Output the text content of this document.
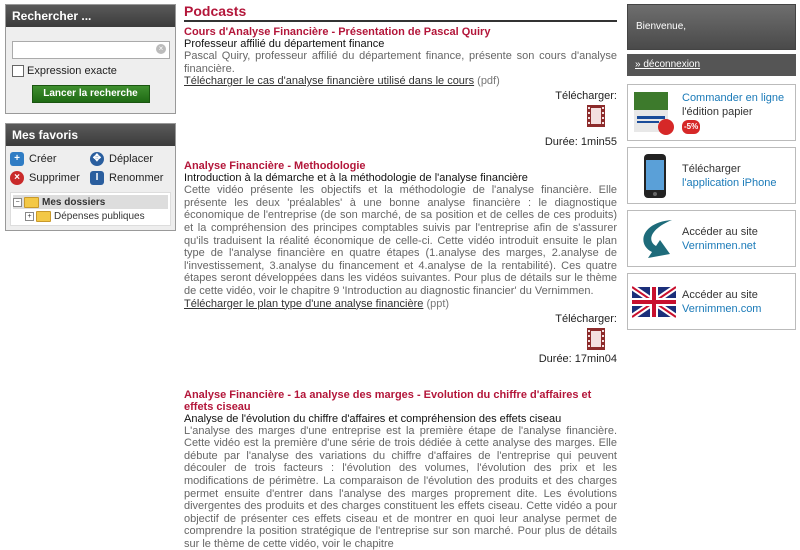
Rechercher ...
×
Expression exacte
Lancer la recherche
Mes favoris
+ Créer	✥ Déplacer
× Supprimer	I Renommer
− Mes dossiers
+ Dépenses publiques
Podcasts
Cours d'Analyse Financière - Présentation de Pascal Quiry
Professeur affilié du département finance
Pascal Quiry, professeur affilié du département finance, présente son cours d'analyse financière.
Télécharger le cas d'analyse financière utilisé dans le cours (pdf)
Télécharger:
Durée: 1min55
Analyse Financière - Methodologie
Introduction à la démarche et à la méthodologie de l'analyse financière
Cette vidéo présente les objectifs et la méthodologie de l'analyse financière. Elle présente les deux 'préalables' à une bonne analyse financière : le diagnostique économique de l'entreprise (de son marché, de sa position et de celles de ces produits) et la compréhension des principes comptables suivis par l'entreprise afin de s'assurer qu'ils traduisent la réalité économique de celle-ci. Cette vidéo introduit ensuite le plan type de l'analyse financière en quatre étapes (1.analyse des marges, 2.analyse de l'investissement, 3.analyse du financement et 4.analyse de la rentabilité). Ces quatre étapes seront développées dans les vidéos suivantes. Pour plus de détails sur le thème de cette vidéo, voir le chapitre 9 'Introduction au diagnostic financier' du Vernimmen.
Télécharger le plan type d'une analyse financière (ppt)
Télécharger:
Durée: 17min04
Analyse Financière - 1a analyse des marges - Evolution du chiffre d'affaires et effets ciseau
Analyse de l'évolution du chiffre d'affaires et compréhension des effets ciseau
L'analyse des marges d'une entreprise est la première étape de l'analyse financière. Cette vidéo est la première d'une série de trois dédiée à cette analyse des marges. Elle débute par l'analyse des variations du chiffre d'affaires de l'entreprise qui peuvent découler de trois facteurs : l'évolution des volumes, l'évolution des prix et les modifications de périmètre. La comparaison de l'évolution des produits et des charges permet ensuite d'entrer dans l'analyse des marges proprement dite. Les évolutions divergentes des produits et des charges constituent les effets ciseau. Cette vidéo a pour objectif de présenter ces effets ciseau et de montrer en quoi leur analyse permet de comprendre la position stratégique de l'entreprise sur son marché. Pour plus de détails sur le thème de cette vidéo, voir le chapitre
Bienvenue,
» déconnexion
Commander en ligne
l'édition papier
-5%
Télécharger
l'application iPhone
Accéder au site
Vernimmen.net
Accéder au site
Vernimmen.com
